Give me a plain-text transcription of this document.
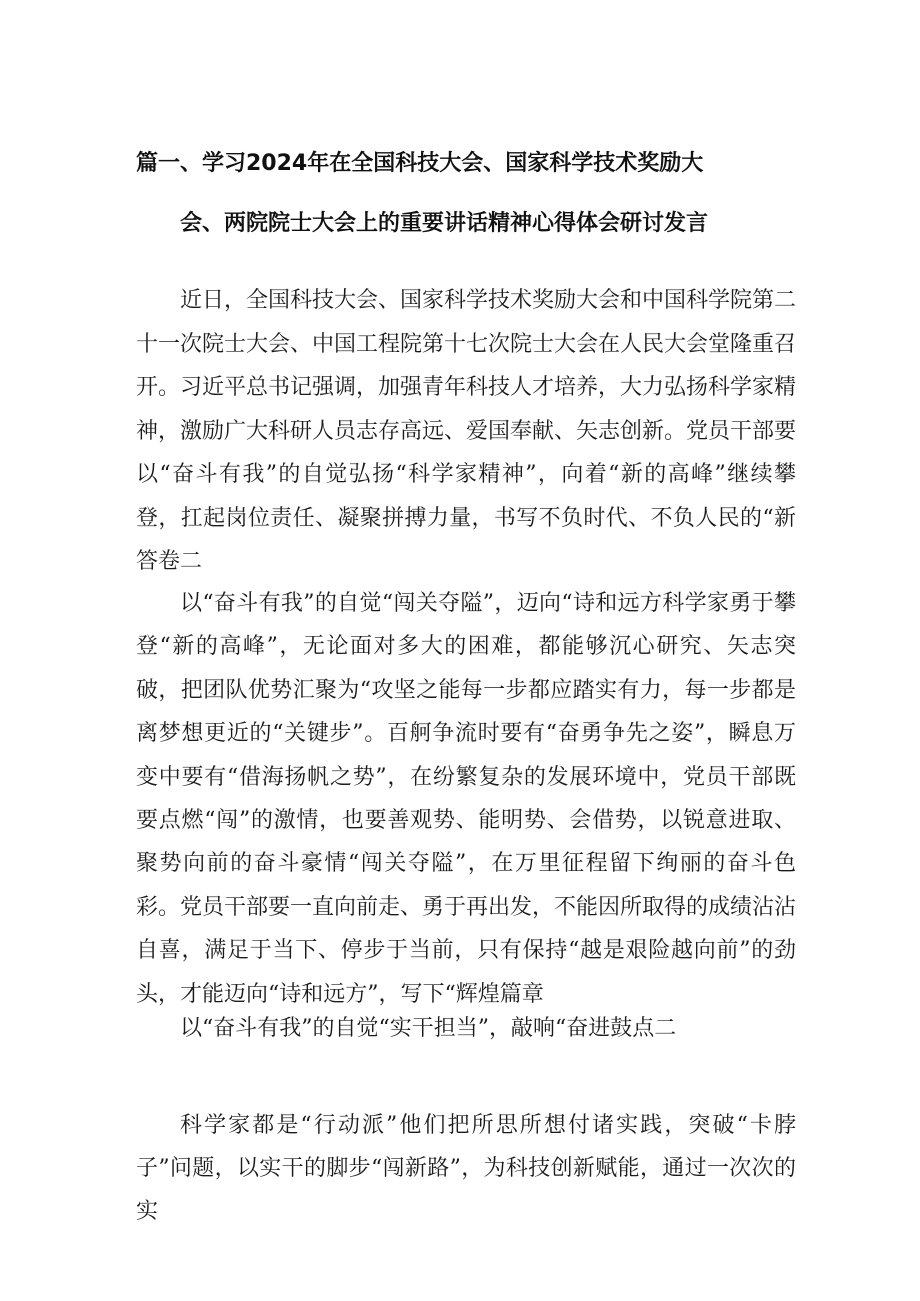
篇一、学习2024年在全国科技大会、国家科学技术奖励大
会、两院院士大会上的重要讲话精神心得体会研讨发言
近日，全国科技大会、国家科学技术奖励大会和中国科学院第二十一次院士大会、中国工程院第十七次院士大会在人民大会堂隆重召开。习近平总书记强调，加强青年科技人才培养，大力弘扬科学家精神，激励广大科研人员志存高远、爱国奉献、矢志创新。党员干部要以“奋斗有我”的自觉弘扬“科学家精神”，向着“新的高峰”继续攀登，扛起岗位责任、凝聚拼搏力量，书写不负时代、不负人民的“新答卷二
以“奋斗有我”的自觉“闯关夺隘”，迈向“诗和远方科学家勇于攀登“新的高峰”，无论面对多大的困难，都能够沉心研究、矢志突破，把团队优势汇聚为“攻坚之能每一步都应踏实有力，每一步都是离梦想更近的“关键步”。百舸争流时要有“奋勇争先之姿”，瞬息万变中要有“借海扬帆之势”，在纷繁复杂的发展环境中，党员干部既要点燃“闯”的激情，也要善观势、能明势、会借势，以锐意进取、聚势向前的奋斗豪情“闯关夺隘”，在万里征程留下绚丽的奋斗色彩。党员干部要一直向前走、勇于再出发，不能因所取得的成绩沾沾自喜，满足于当下、停步于当前，只有保持“越是艰险越向前”的劲头，才能迈向“诗和远方”，写下“辉煌篇章
以“奋斗有我”的自觉“实干担当”，敲响“奋进鼓点二
科学家都是“行动派”他们把所思所想付诸实践，突破“卡脖子”问题，以实干的脚步“闯新路”，为科技创新赋能，通过一次次的实
